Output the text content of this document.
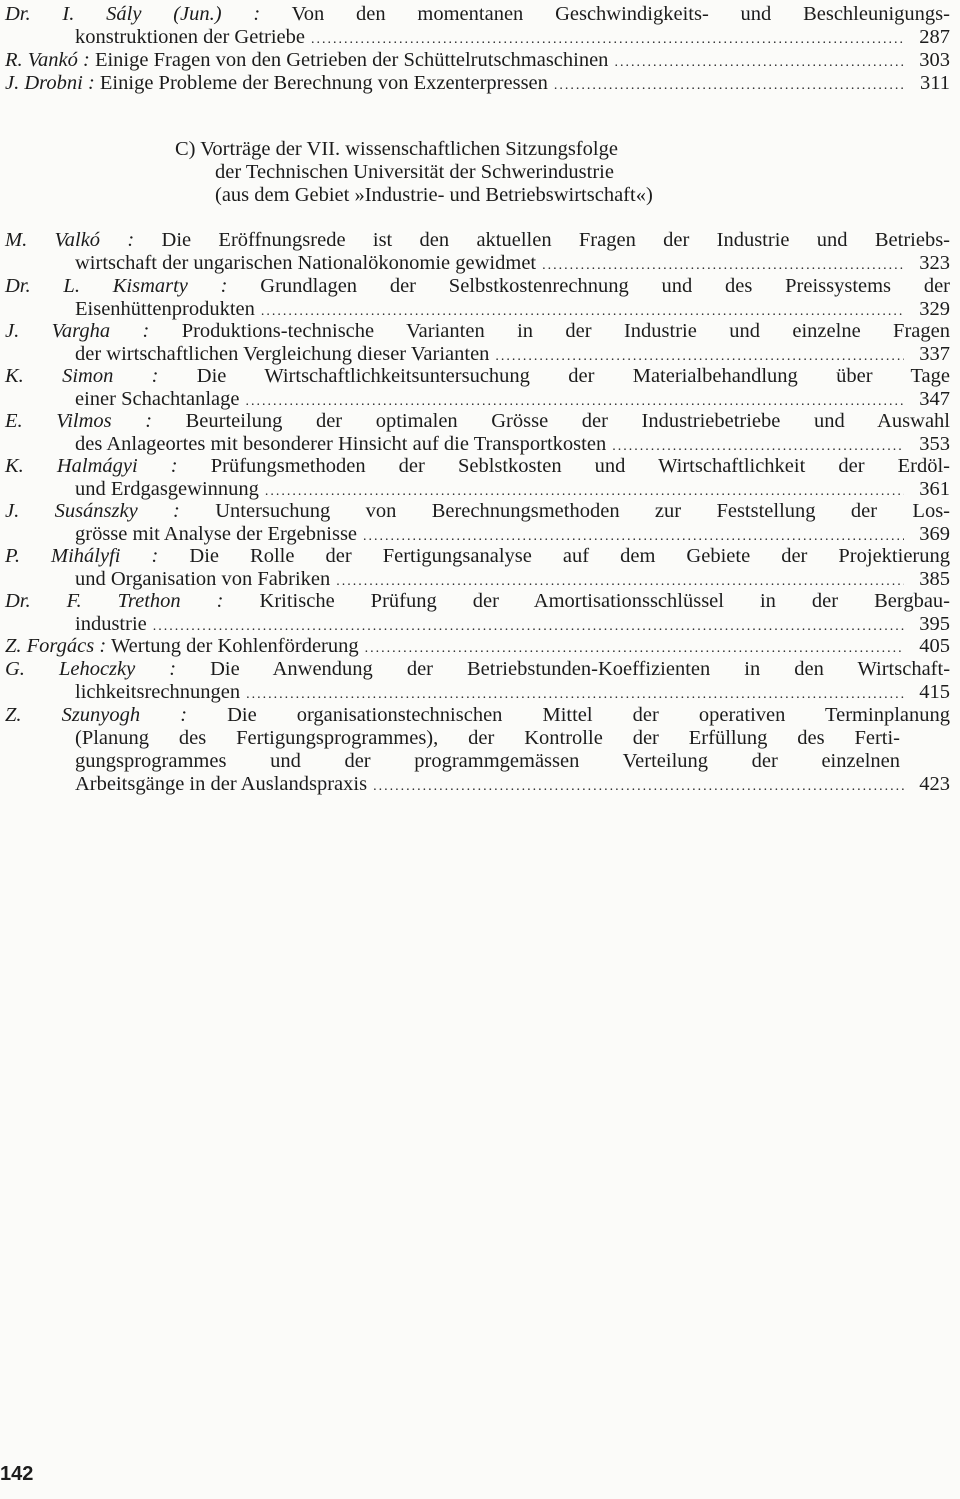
Dr. I. Sály (Jun.) : Von den momentanen Geschwindigkeits- und Beschleunigungs-
konstruktionen der Getriebe .....	287
R. Vankó : Einige Fragen von den Getrieben der Schüttelrutschmaschinen .....	303
J. Drobni : Einige Probleme der Berechnung von Exzenterpressen .....	311
C) Vorträge der VII. wissenschaftlichen Sitzungsfolge
der Technischen Universität der Schwerindustrie
(aus dem Gebiet »Industrie- und Betriebswirtschaft«)
M. Valkó : Die Eröffnungsrede ist den aktuellen Fragen der Industrie und Betriebs-
wirtschaft der ungarischen Nationalökonomie gewidmet .....	323
Dr. L. Kismarty : Grundlagen der Selbstkostenrechnung und des Preissystems der
Eisenhüttenprodukten .....	329
J. Vargha : Produktions-technische Varianten in der Industrie und einzelne Fragen
der wirtschaftlichen Vergleichung dieser Varianten .....	337
K. Simon : Die Wirtschaftlichkeitsuntersuchung der Materialbehandlung über Tage
einer Schachtanlage .....	347
E. Vilmos : Beurteilung der optimalen Grösse der Industriebetriebe und Auswahl
des Anlageortes mit besonderer Hinsicht auf die Transportkosten .....	353
K. Halmágyi : Prüfungsmethoden der Seblstkosten und Wirtschaftlichkeit der Erdöl-
und Erdgasgewinnung .....	361
J. Susánszky : Untersuchung von Berechnungsmethoden zur Feststellung der Los-
grösse mit Analyse der Ergebnisse .....	369
P. Mihályfi : Die Rolle der Fertigungsanalyse auf dem Gebiete der Projektierung
und Organisation von Fabriken .....	385
Dr. F. Trethon : Kritische Prüfung der Amortisationsschlüssel in der Bergbau-
industrie .....	395
Z. Forgács : Wertung der Kohlenförderung .....	405
G. Lehoczky : Die Anwendung der Betriebstunden-Koeffizienten in den Wirtschaft-
lichkeitsrechnungen .....	415
Z. Szunyogh : Die organisationstechnischen Mittel der operativen Terminplanung
(Planung des Fertigungsprogrammes), der Kontrolle der Erfüllung des Ferti-
gungsprogrammes und der programmgemässen Verteilung der einzelnen
Arbeitsgänge in der Auslandspraxis .....	423
142
